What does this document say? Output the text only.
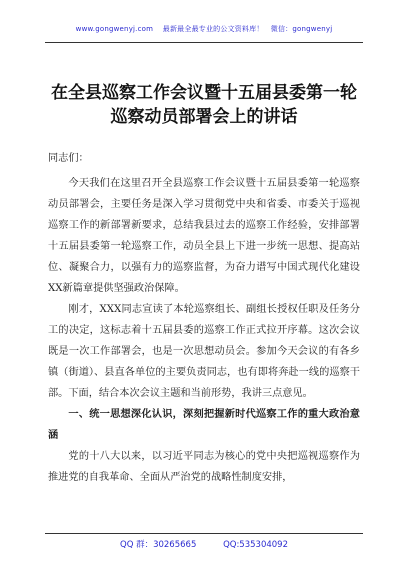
www.gongwenyj.com　 最新最全最专业的公文资料库！　微信：gongwenyj
在全县巡察工作会议暨十五届县委第一轮
巡察动员部署会上的讲话

同志们：

今天我们在这里召开全县巡察工作会议暨十五届县委第一轮巡察动员部署会，主要任务是深入学习贯彻党中央和省委、市委关于巡视巡察工作的新部署新要求，总结我县过去的巡察工作经验，安排部署十五届县委第一轮巡察工作，动员全县上下进一步统一思想、提高站位、凝聚合力，以强有力的巡察监督，为奋力谱写中国式现代化建设XX新篇章提供坚强政治保障。

刚才，XXX同志宣读了本轮巡察组长、副组长授权任职及任务分工的决定，这标志着十五届县委的巡察工作正式拉开序幕。这次会议既是一次工作部署会，也是一次思想动员会。参加今天会议的有各乡镇（街道）、县直各单位的主要负责同志，也有即将奔赴一线的巡察干部。下面，结合本次会议主题和当前形势，我讲三点意见。

一、统一思想深化认识，深刻把握新时代巡察工作的重大政治意涵

党的十八大以来，以习近平同志为核心的党中央把巡视巡察作为推进党的自我革命、全面从严治党的战略性制度安排，

QQ 群：30265665	QQ:535304092
